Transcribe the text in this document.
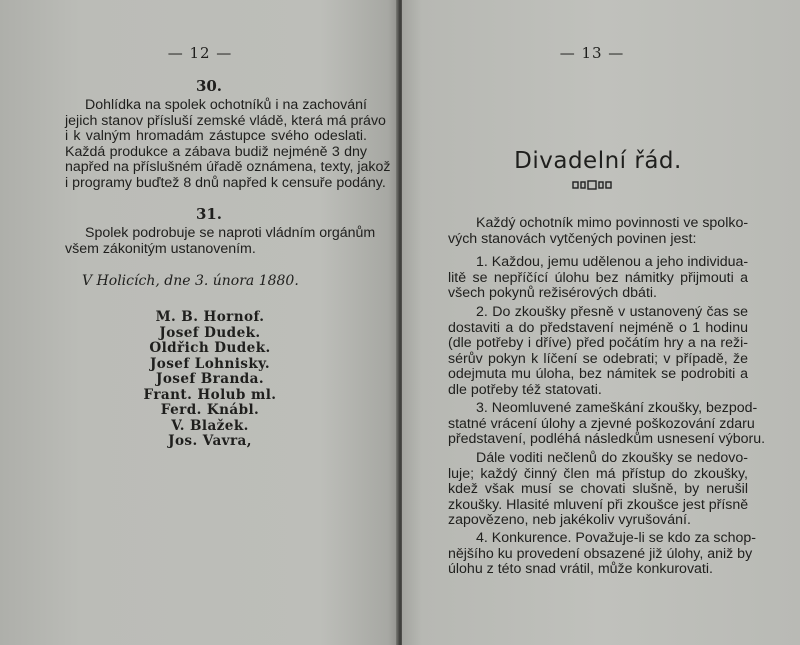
— 12 —
30.
Dohlídka na spolek ochotníků i na zachování
jejich stanov přísluší zemské vládě, která má právo
i k valným hromadám zástupce svého odeslati.
Každá produkce a zábava budiž nejméně 3 dny
napřed na příslušném úřadě oznámena, texty, jakož
i programy buďtež 8 dnů napřed k censuře podány.
31.
Spolek podrobuje se naproti vládním orgánům
všem zákonitým ustanovením.
V Holicích, dne 3. února 1880.
M. B. Hornof.
Josef Dudek.
Oldřich Dudek.
Josef Lohnisky.
Josef Branda.
Frant. Holub ml.
Ferd. Knábl.
V. Blažek.
Jos. Vavra,
— 13 —
Divadelní řád.
Každý ochotník mimo povinnosti ve spolko-
vých stanovách vytčených povinen jest:
1. Každou, jemu udělenou a jeho individua-
litě se nepříčící úlohu bez námitky přijmouti a
všech pokynů režisérových dbáti.
2. Do zkoušky přesně v ustanovený čas se
dostaviti a do představení nejméně o 1 hodinu
(dle potřeby i dříve) před počátím hry a na reži-
sérův pokyn k líčení se odebrati; v případě, že
odejmuta mu úloha, bez námitek se podrobiti a
dle potřeby též statovati.
3. Neomluvené zameškání zkoušky, bezpod-
statné vrácení úlohy a zjevné poškozování zdaru
představení, podléhá následkům usnesení výboru.
Dále voditi nečlenů do zkoušky se nedovo-
luje; každý činný člen má přístup do zkoušky,
kdež však musí se chovati slušně, by nerušil
zkoušky. Hlasité mluvení při zkoušce jest přísně
zapovězeno, neb jakékoliv vyrušování.
4. Konkurence. Považuje-li se kdo za schop-
nějšího ku provedení obsazené již úlohy, aniž by
úlohu z této snad vrátil, může konkurovati.
